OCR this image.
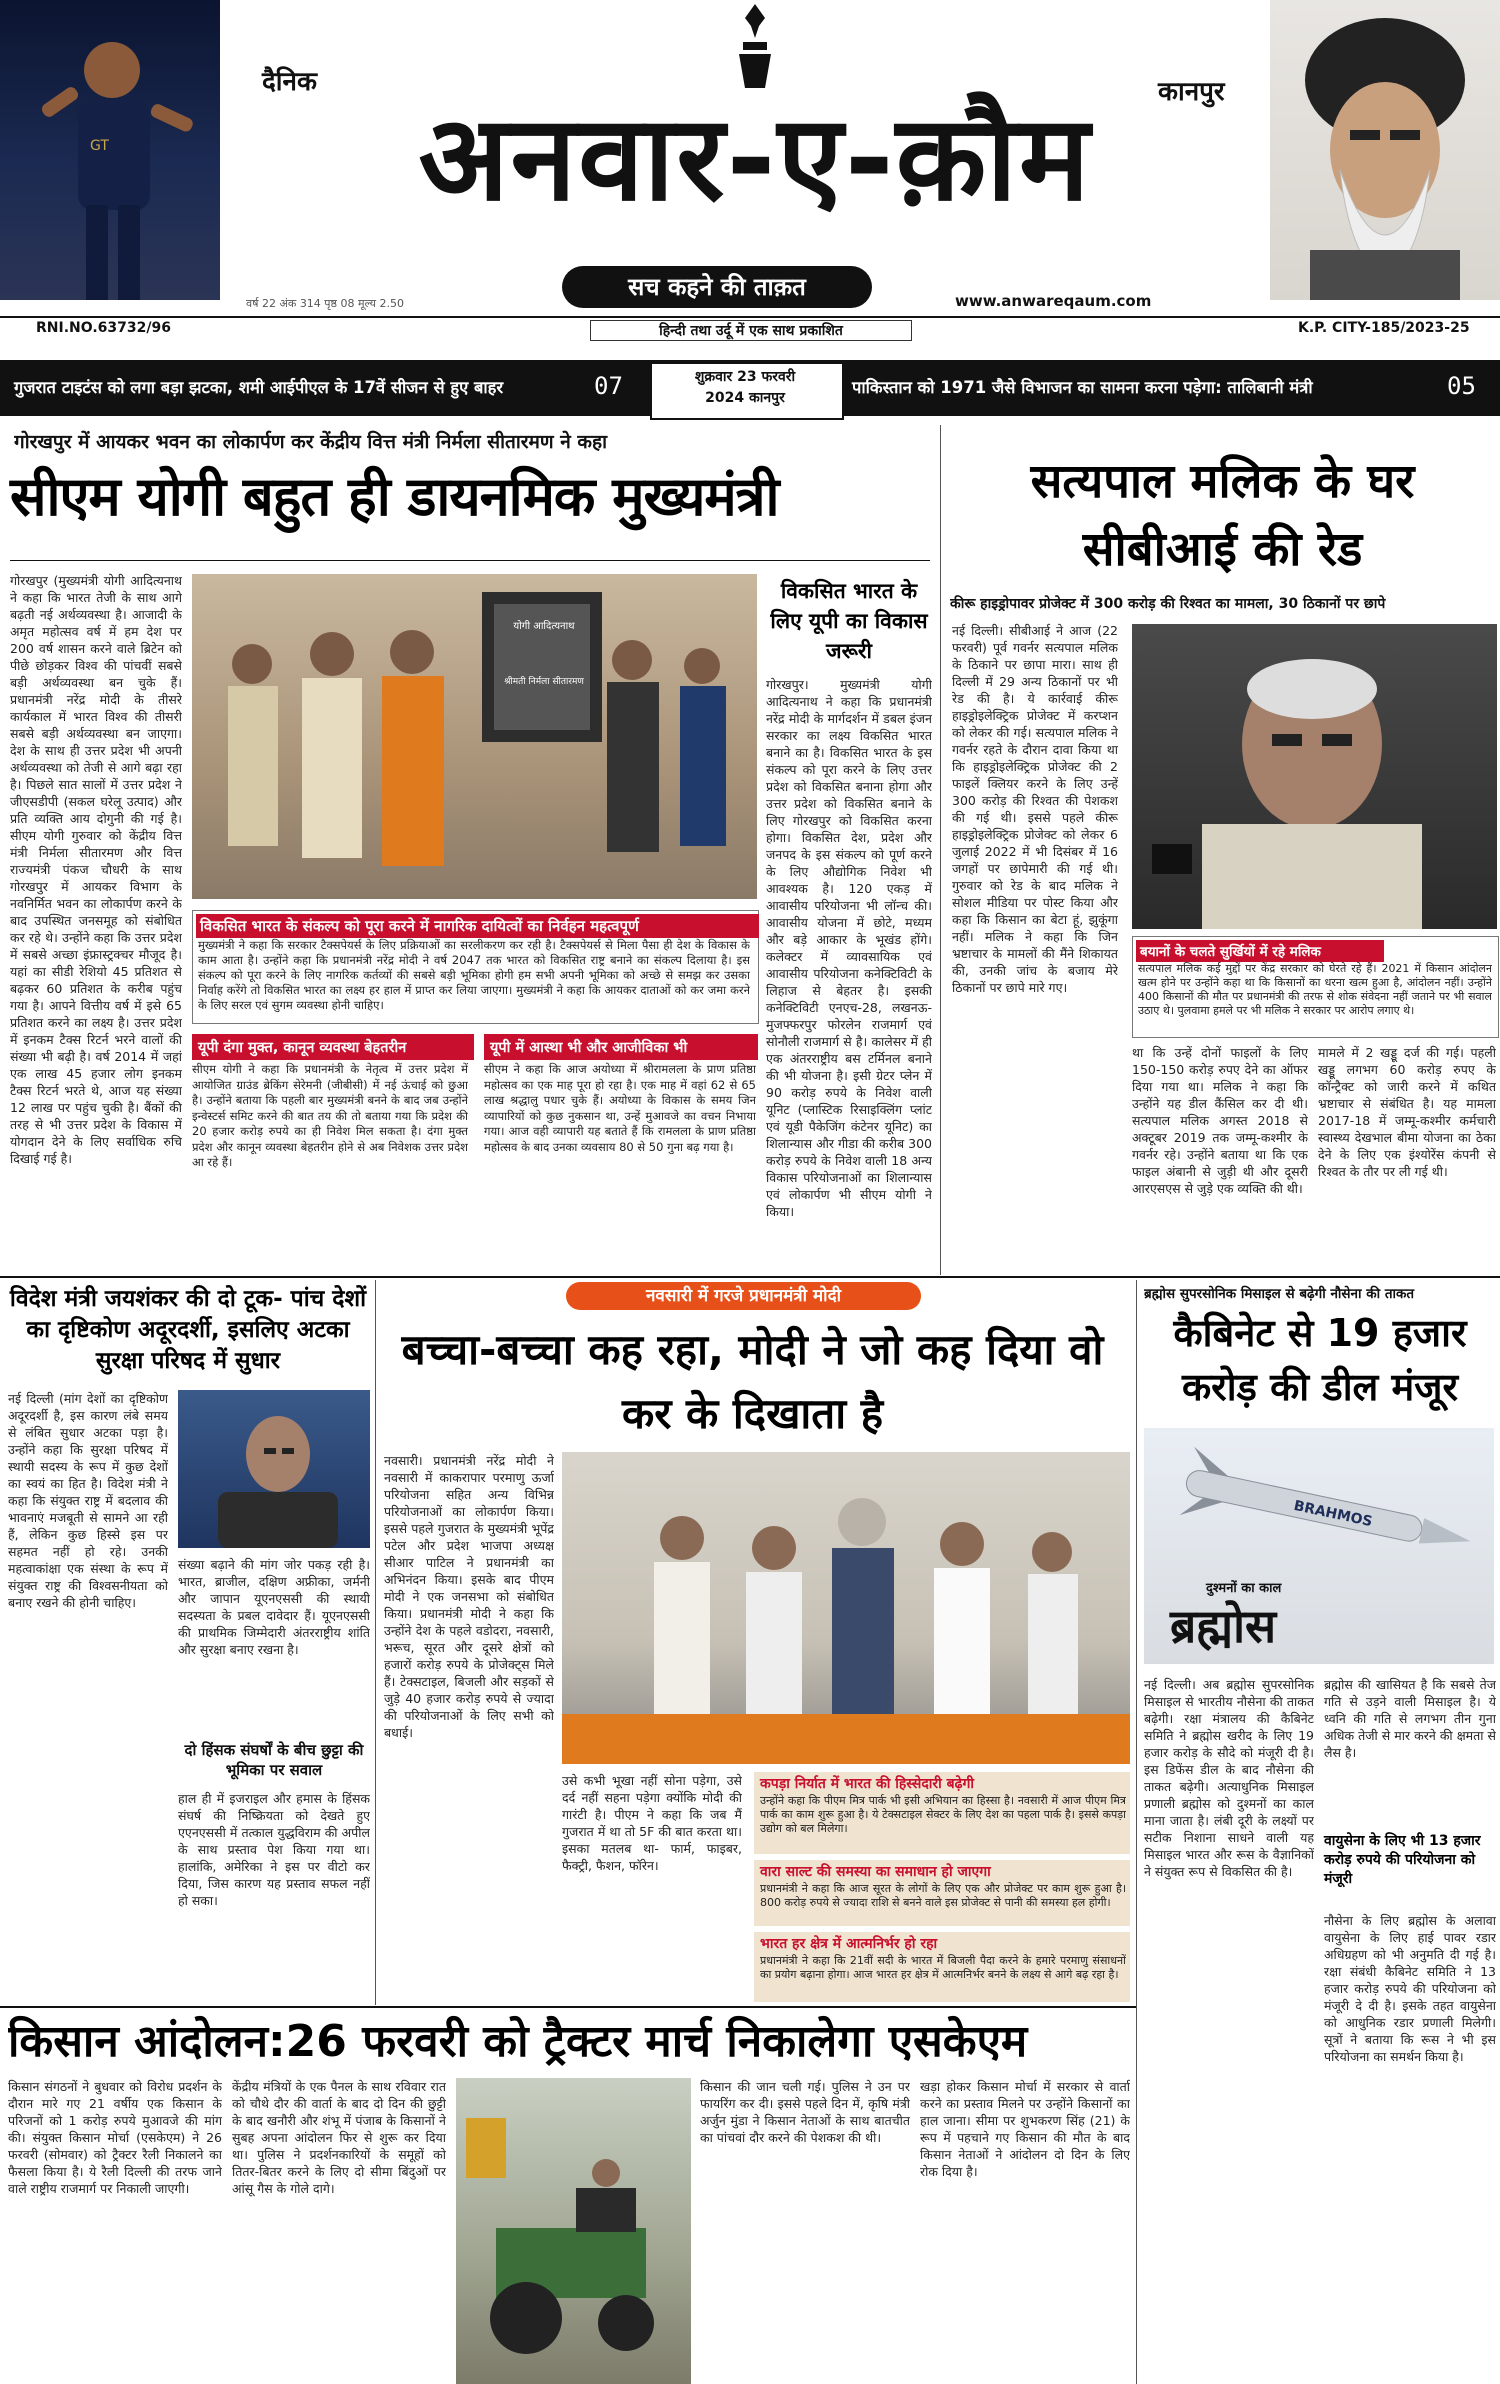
GT
दैनिक	कानपुर
अनवार-ए-क़ौम
सच कहने की ताक़त	www.anwareqaum.com
वर्ष 22 अंक 314 पृष्ठ 08 मूल्य 2.50
RNI.NO.63732/96	हिन्दी तथा उर्दू में एक साथ प्रकाशित	K.P. CITY-185/2023-25
गुजरात टाइटंस को लगा बड़ा झटका, शमी आईपीएल के 17वें सीजन से हुए बाहर	07	शुक्रवार 23 फरवरी
2024 कानपुर
पाकिस्तान को 1971 जैसे विभाजन का सामना करना पड़ेगा: तालिबानी मंत्री	05
गोरखपुर में आयकर भवन का लोकार्पण कर केंद्रीय वित्त मंत्री निर्मला सीतारमण ने कहा
सीएम योगी बहुत ही डायनमिक मुख्यमंत्री

गोरखपुर (मुख्यमंत्री योगी आदित्यनाथ ने कहा कि भारत तेजी के साथ आगे बढ़ती नई अर्थव्यवस्था है। आजादी के अमृत महोत्सव वर्ष में हम देश पर 200 वर्ष शासन करने वाले ब्रिटेन को पीछे छोड़कर विश्व की पांचवीं सबसे बड़ी अर्थव्यवस्था बन चुके हैं। प्रधानमंत्री नरेंद्र मोदी के तीसरे कार्यकाल में भारत विश्व की तीसरी सबसे बड़ी अर्थव्यवस्था बन जाएगा। देश के साथ ही उत्तर प्रदेश भी अपनी अर्थव्यवस्था को तेजी से आगे बढ़ा रहा है। पिछले सात सालों में उत्तर प्रदेश ने जीएसडीपी (सकल घरेलू उत्पाद) और प्रति व्यक्ति आय दोगुनी की गई है। सीएम योगी गुरुवार को केंद्रीय वित्त मंत्री निर्मला सीतारमण और वित्त राज्यमंत्री पंकज चौधरी के साथ गोरखपुर में आयकर विभाग के नवनिर्मित भवन का लोकार्पण करने के बाद उपस्थित जनसमूह को संबोधित कर रहे थे। उन्होंने कहा कि उत्तर प्रदेश में सबसे अच्छा इंफ्रास्ट्रक्चर मौजूद है। यहां का सीडी रेशियो 45 प्रतिशत से बढ़कर 60 प्रतिशत के करीब पहुंच गया है। आपने वित्तीय वर्ष में इसे 65 प्रतिशत करने का लक्ष्य है। उत्तर प्रदेश में इनकम टैक्स रिटर्न भरने वालों की संख्या भी बढ़ी है। वर्ष 2014 में जहां एक लाख 45 हजार लोग इनकम टैक्स रिटर्न भरते थे, आज यह संख्या 12 लाख पर पहुंच चुकी है। बैंकों की तरह से भी उत्तर प्रदेश के विकास में योगदान देने के लिए सर्वाधिक रुचि दिखाई गई है।

योगी आदित्यनाथ
श्रीमती निर्मला सीतारमण
विकसित भारत के लिए यूपी का विकास जरूरी

गोरखपुर। मुख्यमंत्री योगी आदित्यनाथ ने कहा कि प्रधानमंत्री नरेंद्र मोदी के मार्गदर्शन में डबल इंजन सरकार का लक्ष्य विकसित भारत बनाने का है। विकसित भारत के इस संकल्प को पूरा करने के लिए उत्तर प्रदेश को विकसित बनाना होगा और उत्तर प्रदेश को विकसित बनाने के लिए गोरखपुर को विकसित करना होगा। विकसित देश, प्रदेश और जनपद के इस संकल्प को पूर्ण करने के लिए औद्योगिक निवेश भी आवश्यक है। 120 एकड़ में आवासीय परियोजना भी लॉन्च की। आवासीय योजना में छोटे, मध्यम और बड़े आकार के भूखंड होंगे। कलेक्टर में व्यावसायिक एवं आवासीय परियोजना कनेक्टिविटी के लिहाज से बेहतर है। इसकी कनेक्टिविटी एनएच-28, लखनऊ-मुजफ्फरपुर फोरलेन राजमार्ग एवं सोनौली राजमार्ग से है। कालेसर में ही एक अंतरराष्ट्रीय बस टर्मिनल बनाने की भी योजना है। इसी ग्रेटर प्लेन में 90 करोड़ रुपये के निवेश वाली यूनिट (प्लास्टिक रिसाइक्लिंग प्लांट एवं यूडी पैकेजिंग कंटेनर यूनिट) का शिलान्यास और गीडा की करीब 300 करोड़ रुपये के निवेश वाली 18 अन्य विकास परियोजनाओं का शिलान्यास एवं लोकार्पण भी सीएम योगी ने किया।

विकसित भारत के संकल्प को पूरा करने में नागरिक दायित्वों का निर्वहन महत्वपूर्ण

मुख्यमंत्री ने कहा कि सरकार टैक्सपेयर्स के लिए प्रक्रियाओं का सरलीकरण कर रही है। टैक्सपेयर्स से मिला पैसा ही देश के विकास के काम आता है। उन्होंने कहा कि प्रधानमंत्री नरेंद्र मोदी ने वर्ष 2047 तक भारत को विकसित राष्ट्र बनाने का संकल्प दिलाया है। इस संकल्प को पूरा करने के लिए नागरिक कर्तव्यों की सबसे बड़ी भूमिका होगी हम सभी अपनी भूमिका को अच्छे से समझ कर उसका निर्वाह करेंगे तो विकसित भारत का लक्ष्य हर हाल में प्राप्त कर लिया जाएगा। मुख्यमंत्री ने कहा कि आयकर दाताओं को कर जमा करने के लिए सरल एवं सुगम व्यवस्था होनी चाहिए।

यूपी दंगा मुक्त, कानून व्यवस्था बेहतरीन

सीएम योगी ने कहा कि प्रधानमंत्री के नेतृत्व में उत्तर प्रदेश में आयोजित ग्राउंड ब्रेकिंग सेरेमनी (जीबीसी) में नई ऊंचाई को छुआ है। उन्होंने बताया कि पहली बार मुख्यमंत्री बनने के बाद जब उन्होंने इन्वेस्टर्स समिट करने की बात तय की तो बताया गया कि प्रदेश की 20 हजार करोड़ रुपये का ही निवेश मिल सकता है। दंगा मुक्त प्रदेश और कानून व्यवस्था बेहतरीन होने से अब निवेशक उत्तर प्रदेश आ रहे हैं।

यूपी में आस्था भी और आजीविका भी

सीएम ने कहा कि आज अयोध्या में श्रीरामलला के प्राण प्रतिष्ठा महोत्सव का एक माह पूरा हो रहा है। एक माह में वहां 62 से 65 लाख श्रद्धालु पधार चुके हैं। अयोध्या के विकास के समय जिन व्यापारियों को कुछ नुकसान था, उन्हें मुआवजे का वचन निभाया गया। आज वही व्यापारी यह बताते हैं कि रामलला के प्राण प्रतिष्ठा महोत्सव के बाद उनका व्यवसाय 80 से 50 गुना बढ़ गया है।

सत्यपाल मलिक के घर सीबीआई की रेड
कीरू हाइड्रोपावर प्रोजेक्ट में 300 करोड़ की रिश्वत का मामला, 30 ठिकानों पर छापे

नई दिल्ली। सीबीआई ने आज (22 फरवरी) पूर्व गवर्नर सत्यपाल मलिक के ठिकाने पर छापा मारा। साथ ही दिल्ली में 29 अन्य ठिकानों पर भी रेड की है। ये कार्रवाई कीरू हाइड्रोइलेक्ट्रिक प्रोजेक्ट में करप्शन को लेकर की गई। सत्यपाल मलिक ने गवर्नर रहते के दौरान दावा किया था कि हाइड्रोइलेक्ट्रिक प्रोजेक्ट की 2 फाइलें क्लियर करने के लिए उन्हें 300 करोड़ की रिश्वत की पेशकश की गई थी। इससे पहले कीरू हाइड्रोइलेक्ट्रिक प्रोजेक्ट को लेकर 6 जुलाई 2022 में भी दिसंबर में 16 जगहों पर छापेमारी की गई थी। गुरुवार को रेड के बाद मलिक ने सोशल मीडिया पर पोस्ट किया और कहा कि किसान का बेटा हूं, झुकूंगा नहीं। मलिक ने कहा कि जिन भ्रष्टाचार के मामलों की मैंने शिकायत की, उनकी जांच के बजाय मेरे ठिकानों पर छापे मारे गए।

बयानों के चलते सुर्खियों में रहे मलिक

सत्यपाल मलिक कई मुद्दों पर केंद्र सरकार को घेरते रहे हैं। 2021 में किसान आंदोलन खत्म होने पर उन्होंने कहा था कि किसानों का धरना खत्म हुआ है, आंदोलन नहीं। उन्होंने 400 किसानों की मौत पर प्रधानमंत्री की तरफ से शोक संवेदना नहीं जताने पर भी सवाल उठाए थे। पुलवामा हमले पर भी मलिक ने सरकार पर आरोप लगाए थे।

था कि उन्हें दोनों फाइलों के लिए 150-150 करोड़ रुपए देने का ऑफर दिया गया था। मलिक ने कहा कि उन्होंने यह डील कैंसिल कर दी थी। सत्यपाल मलिक अगस्त 2018 से अक्टूबर 2019 तक जम्मू-कश्मीर के गवर्नर रहे। उन्होंने बताया था कि एक फाइल अंबानी से जुड़ी थी और दूसरी आरएसएस से जुड़े एक व्यक्ति की थी।

मामले में 2 खड्डू दर्ज की गई। पहली खड्डू लगभग 60 करोड़ रुपए के कॉन्ट्रैक्ट को जारी करने में कथित भ्रष्टाचार से संबंधित है। यह मामला 2017-18 में जम्मू-कश्मीर कर्मचारी स्वास्थ्य देखभाल बीमा योजना का ठेका देने के लिए एक इंश्योरेंस कंपनी से रिश्वत के तौर पर ली गई थी।

विदेश मंत्री जयशंकर की दो टूक- पांच देशों का दृष्टिकोण अदूरदर्शी, इसलिए अटका सुरक्षा परिषद में सुधार

नई दिल्ली (मांग देशों का दृष्टिकोण अदूरदर्शी है, इस कारण लंबे समय से लंबित सुधार अटका पड़ा है। उन्होंने कहा कि सुरक्षा परिषद में स्थायी सदस्य के रूप में कुछ देशों का स्वयं का हित है। विदेश मंत्री ने कहा कि संयुक्त राष्ट्र में बदलाव की भावनाएं मजबूती से सामने आ रही हैं, लेकिन कुछ हिस्से इस पर सहमत नहीं हो रहे। उनकी महत्वाकांक्षा एक संस्था के रूप में संयुक्त राष्ट्र की विश्वसनीयता को बनाए रखने की होनी चाहिए।

संख्या बढ़ाने की मांग जोर पकड़ रही है। भारत, ब्राजील, दक्षिण अफ्रीका, जर्मनी और जापान यूएनएससी की स्थायी सदस्यता के प्रबल दावेदार हैं। यूएनएससी की प्राथमिक जिम्मेदारी अंतरराष्ट्रीय शांति और सुरक्षा बनाए रखना है।

दो हिंसक संघर्षों के बीच छुट्टा की भूमिका पर सवाल

हाल ही में इजराइल और हमास के हिंसक संघर्ष की निष्क्रियता को देखते हुए एएनएससी में तत्काल युद्धविराम की अपील के साथ प्रस्ताव पेश किया गया था। हालांकि, अमेरिका ने इस पर वीटो कर दिया, जिस कारण यह प्रस्ताव सफल नहीं हो सका।

नवसारी में गरजे प्रधानमंत्री मोदी
बच्चा-बच्चा कह रहा, मोदी ने जो कह दिया वो कर के दिखाता है

नवसारी। प्रधानमंत्री नरेंद्र मोदी ने नवसारी में काकरापार परमाणु ऊर्जा परियोजना सहित अन्य विभिन्न परियोजनाओं का लोकार्पण किया। इससे पहले गुजरात के मुख्यमंत्री भूपेंद्र पटेल और प्रदेश भाजपा अध्यक्ष सीआर पाटिल ने प्रधानमंत्री का अभिनंदन किया। इसके बाद पीएम मोदी ने एक जनसभा को संबोधित किया। प्रधानमंत्री मोदी ने कहा कि उन्होंने देश के पहले वडोदरा, नवसारी, भरूच, सूरत और दूसरे क्षेत्रों को हजारों करोड़ रुपये के प्रोजेक्ट्स मिले हैं। टेक्सटाइल, बिजली और सड़कों से जुड़े 40 हजार करोड़ रुपये से ज्यादा की परियोजनाओं के लिए सभी को बधाई।

उसे कभी भूखा नहीं सोना पड़ेगा, उसे दर्द नहीं सहना पड़ेगा क्योंकि मोदी की गारंटी है। पीएम ने कहा कि जब मैं गुजरात में था तो 5F की बात करता था। इसका मतलब था- फार्म, फाइबर, फैक्ट्री, फैशन, फॉरेन।

कपड़ा निर्यात में भारत की हिस्सेदारी बढ़ेगी

उन्होंने कहा कि पीएम मित्र पार्क भी इसी अभियान का हिस्सा है। नवसारी में आज पीएम मित्र पार्क का काम शुरू हुआ है। ये टेक्सटाइल सेक्टर के लिए देश का पहला पार्क है। इससे कपड़ा उद्योग को बल मिलेगा।

वारा साल्ट की समस्या का समाधान हो जाएगा

प्रधानमंत्री ने कहा कि आज सूरत के लोगों के लिए एक और प्रोजेक्ट पर काम शुरू हुआ है। 800 करोड़ रुपये से ज्यादा राशि से बनने वाले इस प्रोजेक्ट से पानी की समस्या हल होगी।

भारत हर क्षेत्र में आत्मनिर्भर हो रहा

प्रधानमंत्री ने कहा कि 21वीं सदी के भारत में बिजली पैदा करने के हमारे परमाणु संसाधनों का प्रयोग बढ़ाना होगा। आज भारत हर क्षेत्र में आत्मनिर्भर बनने के लक्ष्य से आगे बढ़ रहा है।

ब्रह्मोस सुपरसोनिक मिसाइल से बढ़ेगी नौसेना की ताकत
कैबिनेट से 19 हजार करोड़ की डील मंजूर
BRAHMOS
दुश्मनों का काल
ब्रह्मोस

नई दिल्ली। अब ब्रह्मोस सुपरसोनिक मिसाइल से भारतीय नौसेना की ताकत बढ़ेगी। रक्षा मंत्रालय की कैबिनेट समिति ने ब्रह्मोस खरीद के लिए 19 हजार करोड़ के सौदे को मंजूरी दी है। इस डिफेंस डील के बाद नौसेना की ताकत बढ़ेगी। अत्याधुनिक मिसाइल प्रणाली ब्रह्मोस को दुश्मनों का काल माना जाता है। लंबी दूरी के लक्ष्यों पर सटीक निशाना साधने वाली यह मिसाइल भारत और रूस के वैज्ञानिकों ने संयुक्त रूप से विकसित की है।

ब्रह्मोस की खासियत है कि सबसे तेज गति से उड़ने वाली मिसाइल है। ये ध्वनि की गति से लगभग तीन गुना अधिक तेजी से मार करने की क्षमता से लैस है।

वायुसेना के लिए भी 13 हजार करोड़ रुपये की परियोजना को मंजूरी

नौसेना के लिए ब्रह्मोस के अलावा वायुसेना के लिए हाई पावर रडार अधिग्रहण को भी अनुमति दी गई है। रक्षा संबंधी कैबिनेट समिति ने 13 हजार करोड़ रुपये की परियोजना को मंजूरी दे दी है। इसके तहत वायुसेना को आधुनिक रडार प्रणाली मिलेगी। सूत्रों ने बताया कि रूस ने भी इस परियोजना का समर्थन किया है।

किसान आंदोलन:26 फरवरी को ट्रैक्टर मार्च निकालेगा एसकेएम

किसान संगठनों ने बुधवार को विरोध प्रदर्शन के दौरान मारे गए 21 वर्षीय एक किसान के परिजनों को 1 करोड़ रुपये मुआवजे की मांग की। संयुक्त किसान मोर्चा (एसकेएम) ने 26 फरवरी (सोमवार) को ट्रैक्टर रैली निकालने का फैसला किया है। ये रैली दिल्ली की तरफ जाने वाले राष्ट्रीय राजमार्ग पर निकाली जाएगी।

केंद्रीय मंत्रियों के एक पैनल के साथ रविवार रात को चौथे दौर की वार्ता के बाद दो दिन की छुट्टी के बाद खनौरी और शंभू में पंजाब के किसानों ने सुबह अपना आंदोलन फिर से शुरू कर दिया था। पुलिस ने प्रदर्शनकारियों के समूहों को तितर-बितर करने के लिए दो सीमा बिंदुओं पर आंसू गैस के गोले दागे।

किसान की जान चली गई। पुलिस ने उन पर फायरिंग कर दी। इससे पहले दिन में, कृषि मंत्री अर्जुन मुंडा ने किसान नेताओं के साथ बातचीत का पांचवां दौर करने की पेशकश की थी।

खड़ा होकर किसान मोर्चा में सरकार से वार्ता करने का प्रस्ताव मिलने पर उन्होंने किसानों का हाल जाना। सीमा पर शुभकरण सिंह (21) के रूप में पहचाने गए किसान की मौत के बाद किसान नेताओं ने आंदोलन दो दिन के लिए रोक दिया है।
